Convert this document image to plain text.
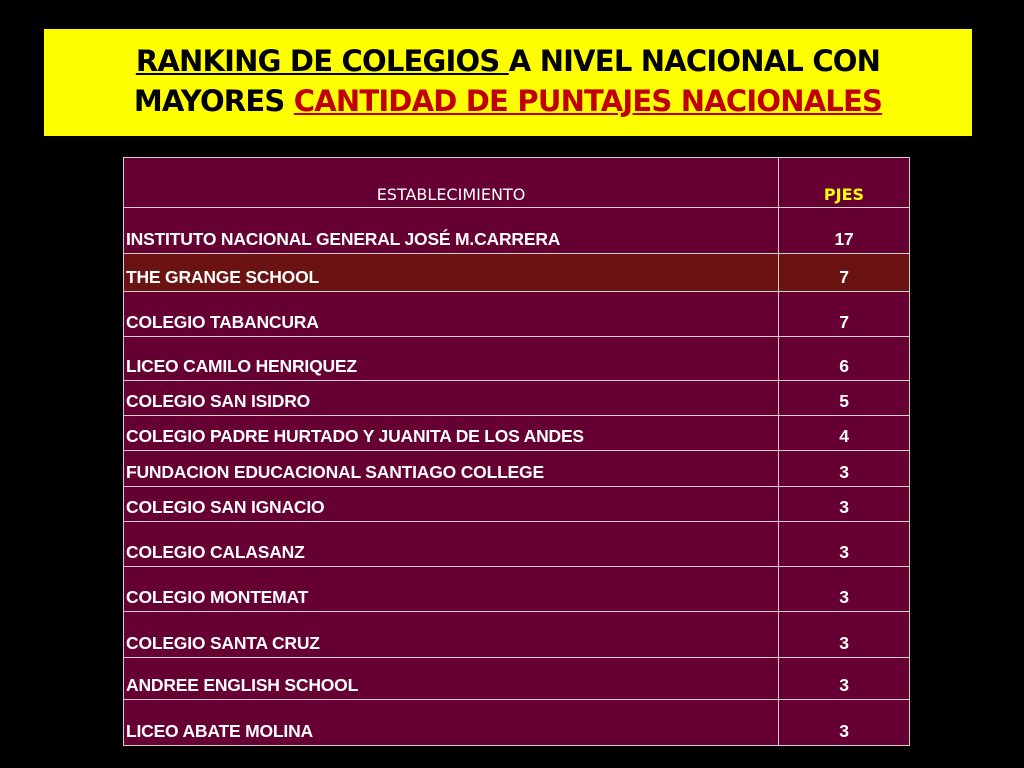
RANKING DE COLEGIOS A NIVEL NACIONAL CON
MAYORES CANTIDAD DE PUNTAJES NACIONALES
ESTABLECIMIENTO	PJES
INSTITUTO NACIONAL GENERAL JOSÉ M.CARRERA	17
THE GRANGE SCHOOL	7
COLEGIO TABANCURA	7
LICEO CAMILO HENRIQUEZ	6
COLEGIO SAN ISIDRO	5
COLEGIO PADRE HURTADO Y JUANITA DE LOS ANDES	4
FUNDACION EDUCACIONAL SANTIAGO COLLEGE	3
COLEGIO SAN IGNACIO	3
COLEGIO CALASANZ	3
COLEGIO MONTEMAT	3
COLEGIO SANTA CRUZ	3
ANDREE ENGLISH SCHOOL	3
LICEO ABATE MOLINA	3
